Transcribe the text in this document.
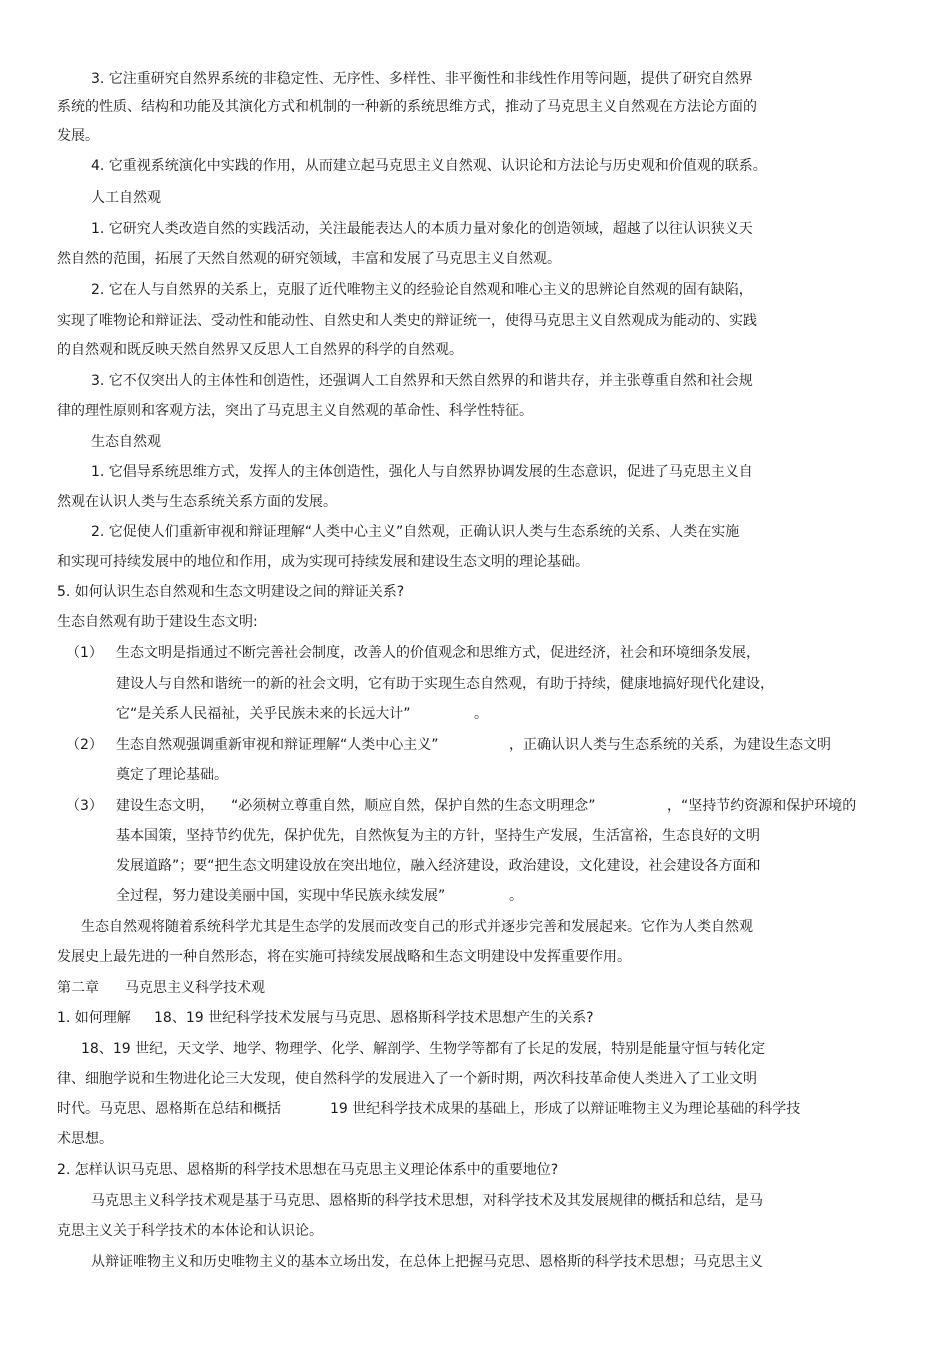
3. 它注重研究自然界系统的非稳定性、无序性、多样性、非平衡性和非线性作用等问题，提供了研究自然界
系统的性质、结构和功能及其演化方式和机制的一种新的系统思维方式，推动了马克思主义自然观在方法论方面的
发展。
4. 它重视系统演化中实践的作用，从而建立起马克思主义自然观、认识论和方法论与历史观和价值观的联系。
人工自然观
1. 它研究人类改造自然的实践活动，关注最能表达人的本质力量对象化的创造领域，超越了以往认识狭义天
然自然的范围，拓展了天然自然观的研究领域，丰富和发展了马克思主义自然观。
2. 它在人与自然界的关系上，克服了近代唯物主义的经验论自然观和唯心主义的思辨论自然观的固有缺陷，
实现了唯物论和辩证法、受动性和能动性、自然史和人类史的辩证统一，使得马克思主义自然观成为能动的、实践
的自然观和既反映天然自然界又反思人工自然界的科学的自然观。
3. 它不仅突出人的主体性和创造性，还强调人工自然界和天然自然界的和谐共存，并主张尊重自然和社会规
律的理性原则和客观方法，突出了马克思主义自然观的革命性、科学性特征。
生态自然观
1. 它倡导系统思维方式，发挥人的主体创造性，强化人与自然界协调发展的生态意识，促进了马克思主义自
然观在认识人类与生态系统关系方面的发展。
2. 它促使人们重新审视和辩证理解“人类中心主义”自然观，正确认识人类与生态系统的关系、人类在实施
和实现可持续发展中的地位和作用，成为实现可持续发展和建设生态文明的理论基础。
5. 如何认识生态自然观和生态文明建设之间的辩证关系?
生态自然观有助于建设生态文明:
（1） 生态文明是指通过不断完善社会制度，改善人的价值观念和思维方式，促进经济，社会和环境细条发展，
建设人与自然和谐统一的新的社会文明，它有助于实现生态自然观，有助于持续，健康地搞好现代化建设，
它“是关系人民福祉，关乎民族未来的长远大计”	。
（2） 生态自然观强调重新审视和辩证理解“人类中心主义”	，正确认识人类与生态系统的关系，为建设生态文明
奠定了理论基础。
（3） 建设生态文明， “必须树立尊重自然，顺应自然，保护自然的生态文明理念”	，“坚持节约资源和保护环境的
基本国策，坚持节约优先，保护优先，自然恢复为主的方针，坚持生产发展，生活富裕，生态良好的文明
发展道路”；要“把生态文明建设放在突出地位，融入经济建设，政治建设，文化建设，社会建设各方面和
全过程，努力建设美丽中国，实现中华民族永续发展”	。
生态自然观将随着系统科学尤其是生态学的发展而改变自己的形式并逐步完善和发展起来。它作为人类自然观
发展史上最先进的一种自然形态，将在实施可持续发展战略和生态文明建设中发挥重要作用。
第二章 马克思主义科学技术观
1. 如何理解 18、19 世纪科学技术发展与马克思、恩格斯科学技术思想产生的关系?
18、19 世纪，天文学、地学、物理学、化学、解剖学、生物学等都有了长足的发展，特别是能量守恒与转化定
律、细胞学说和生物进化论三大发现，使自然科学的发展进入了一个新时期，两次科技革命使人类进入了工业文明
时代。马克思、恩格斯在总结和概括	19 世纪科学技术成果的基础上，形成了以辩证唯物主义为理论基础的科学技
术思想。
2. 怎样认识马克思、恩格斯的科学技术思想在马克思主义理论体系中的重要地位?
马克思主义科学技术观是基于马克思、恩格斯的科学技术思想，对科学技术及其发展规律的概括和总结，是马
克思主义关于科学技术的本体论和认识论。
从辩证唯物主义和历史唯物主义的基本立场出发，在总体上把握马克思、恩格斯的科学技术思想；马克思主义
